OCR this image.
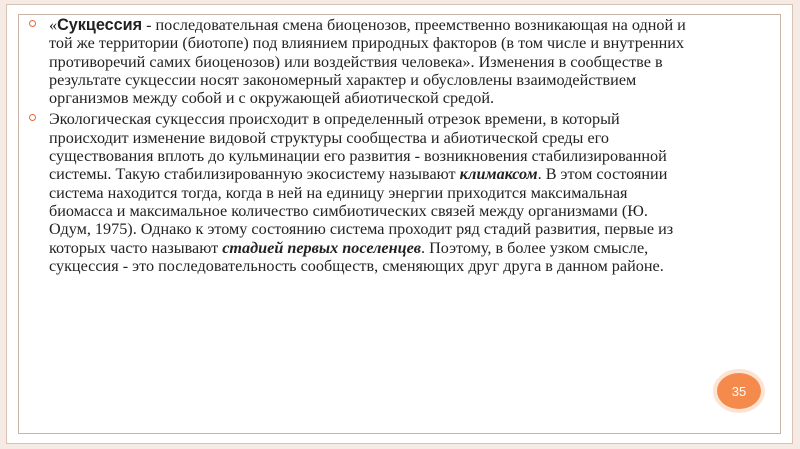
«Сукцессия - последовательная смена биоценозов, преемственно возникающая на одной и той же территории (биотопе) под влиянием природных факторов (в том числе и внутренних противоречий самих биоценозов) или воздействия человека». Изменения в сообществе в результате сукцессии носят закономерный характер и обусловлены взаимодействием организмов между собой и с окружающей абиотической средой.
Экологическая сукцессия происходит в определенный отрезок времени, в который происходит изменение видовой структуры сообщества и абиотической среды его существования вплоть до кульминации его развития - возникновения стабилизированной системы. Такую стабилизированную экосистему называют климаксом. В этом состоянии система находится тогда, когда в ней на единицу энергии приходится максимальная биомасса и максимальное количество симбиотических связей между организмами (Ю. Одум, 1975). Однако к этому состоянию система проходит ряд стадий развития, первые из которых часто называют стадией первых поселенцев. Поэтому, в более узком смысле, сукцессия - это последовательность сообществ, сменяющих друг друга в данном районе.
35
